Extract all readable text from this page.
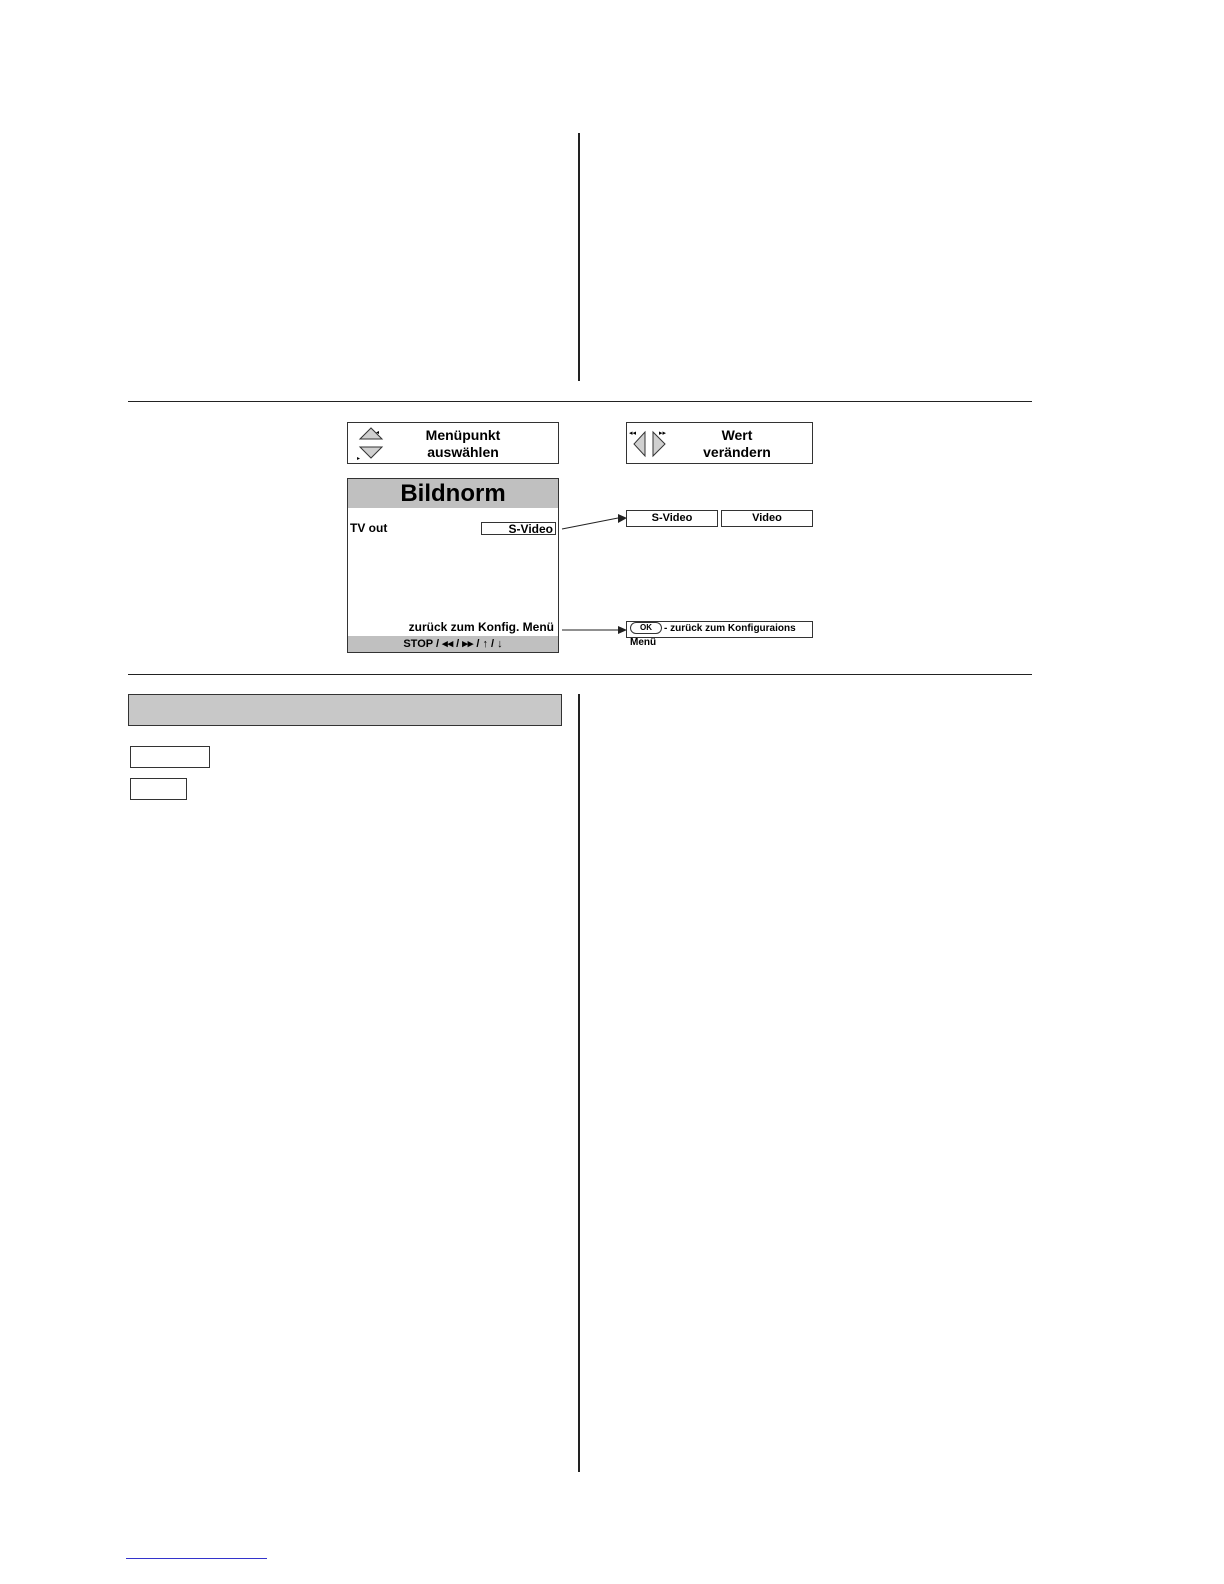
◂
▸
Menüpunkt
auswählen
◂◂	▸▸	Wert
verändern
Bildnorm
TV out	S-Video
zurück zum Konfig. Menü
STOP / ◂◂ / ▸▸ / ↑ / ↓
S-Video	Video
OK - zurück zum Konfiguraions Menü
